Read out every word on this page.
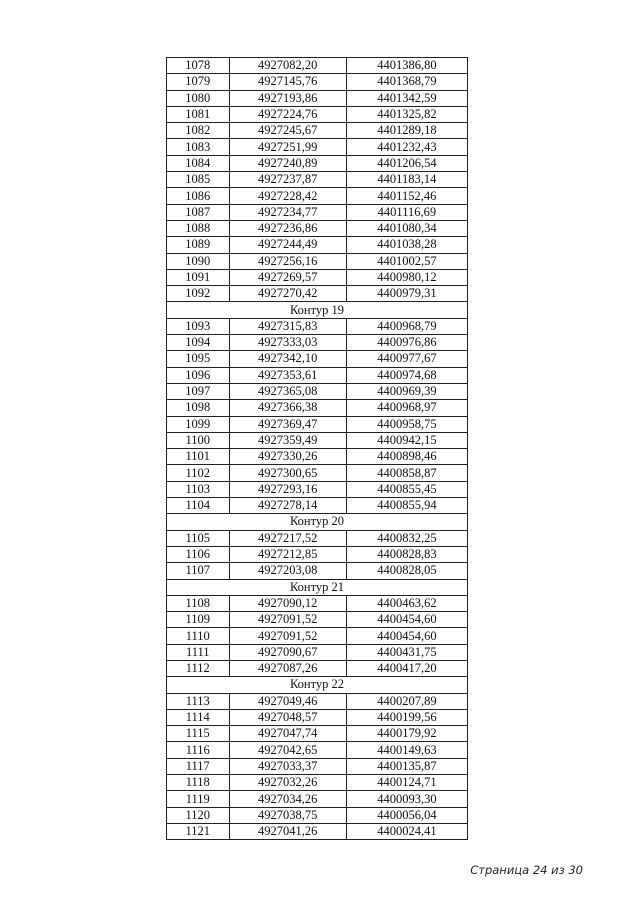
1078	4927082,20	4401386,80
1079	4927145,76	4401368,79
1080	4927193,86	4401342,59
1081	4927224,76	4401325,82
1082	4927245,67	4401289,18
1083	4927251,99	4401232,43
1084	4927240,89	4401206,54
1085	4927237,87	4401183,14
1086	4927228,42	4401152,46
1087	4927234,77	4401116,69
1088	4927236,86	4401080,34
1089	4927244,49	4401038,28
1090	4927256,16	4401002,57
1091	4927269,57	4400980,12
1092	4927270,42	4400979,31
Контур 19		
1093	4927315,83	4400968,79
1094	4927333,03	4400976,86
1095	4927342,10	4400977,67
1096	4927353,61	4400974,68
1097	4927365,08	4400969,39
1098	4927366,38	4400968,97
1099	4927369,47	4400958,75
1100	4927359,49	4400942,15
1101	4927330,26	4400898,46
1102	4927300,65	4400858,87
1103	4927293,16	4400855,45
1104	4927278,14	4400855,94
Контур 20		
1105	4927217,52	4400832,25
1106	4927212,85	4400828,83
1107	4927203,08	4400828,05
Контур 21		
1108	4927090,12	4400463,62
1109	4927091,52	4400454,60
1110	4927091,52	4400454,60
1111	4927090,67	4400431,75
1112	4927087,26	4400417,20
Контур 22		
1113	4927049,46	4400207,89
1114	4927048,57	4400199,56
1115	4927047,74	4400179,92
1116	4927042,65	4400149,63
1117	4927033,37	4400135,87
1118	4927032,26	4400124,71
1119	4927034,26	4400093,30
1120	4927038,75	4400056,04
1121	4927041,26	4400024,41
Страница 24 из 30
